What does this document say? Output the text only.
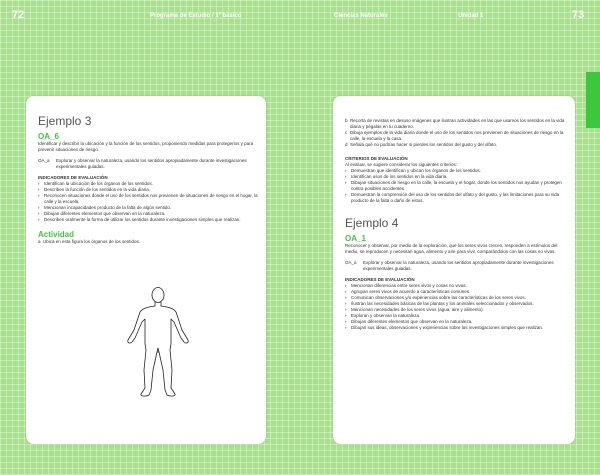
72	Programa de Estudio / 1º básico	Ciencias Naturales	Unidad 1	73
Ejemplo 3
OA_6
Identificar y describir la ubicación y la función de los sentidos, proponiendo medidas para protegerlos y para prevenir situaciones de riesgo.
OA_a	Explorar y observar la naturaleza, usando los sentidos apropiadamente durante investigaciones experimentales guiadas.
INDICADORES DE EVALUACIÓN
› Identifican la ubicación de los órganos de los sentidos.
› Describen la función de los sentidos en la vida diaria.
› Reconocen situaciones donde el uso de los sentidos nos previenen de situaciones de riesgo en el hogar, la calle y la escuela.
› Mencionan incapacidades producto de la falta de algún sentido.
› Dibujan diferentes elementos que observan en la naturaleza.
› Describen oralmente la forma de utilizar los sentidos durante investigaciones simples que realizan.
Actividad
a Ubica en esta figura los órganos de los sentidos.
b Recorta de revistas en desuso imágenes que ilustran actividades en las que usamos los sentidos en la vida diaria y pégalas en tu cuaderno.
c Dibuja ejemplos de la vida diaria donde el uso de los sentidos nos previenen de situaciones de riesgo en la calle, la escuela y la casa.
d Señala qué no podrías hacer si pierdes los sentidos del gusto y del olfato.
CRITERIOS DE EVALUACIÓN
Al evaluar, se sugiere considerar los siguientes criterios:
› Demuestran que identifican y ubican los órganos de los sentidos.
› Identifican usos de los sentidos en la vida diaria.
› Dibujan situaciones de riesgo en la calle, la escuela y el hogar, donde los sentidos nos ayudan y protegen contra posibles accidentes.
› Demuestran la comprensión del uso de los sentidos del olfato y del gusto, y las limitaciones para su vida producto de la falta o daño de estos.
Ejemplo 4
OA_1
Reconocer y observar, por medio de la exploración, que los seres vivos crecen, responden a estímulos del medio, se reproducen y necesitan agua, alimento y aire para vivir, comparándolos con las cosas no vivas.
OA_a	Explorar y observar la naturaleza, usando los sentidos apropiadamente durante investigaciones experimentales guiadas.
INDICADORES DE EVALUACIÓN
› Mencionan diferencias entre seres vivos y cosas no vivas.
› Agrupan seres vivos de acuerdo a características comunes.
› Comunican observaciones y/o experiencias sobre las características de los seres vivos.
› Ilustran las necesidades básicas de las plantas y los animales seleccionados y observados.
› Mencionan necesidades de los seres vivos (agua, aire y alimento).
› Exploran y observan la naturaleza.
› Dibujan diferentes elementos que observan en la naturaleza.
› Dibujan sus ideas, observaciones y experiencias sobre las investigaciones simples que realizan.
